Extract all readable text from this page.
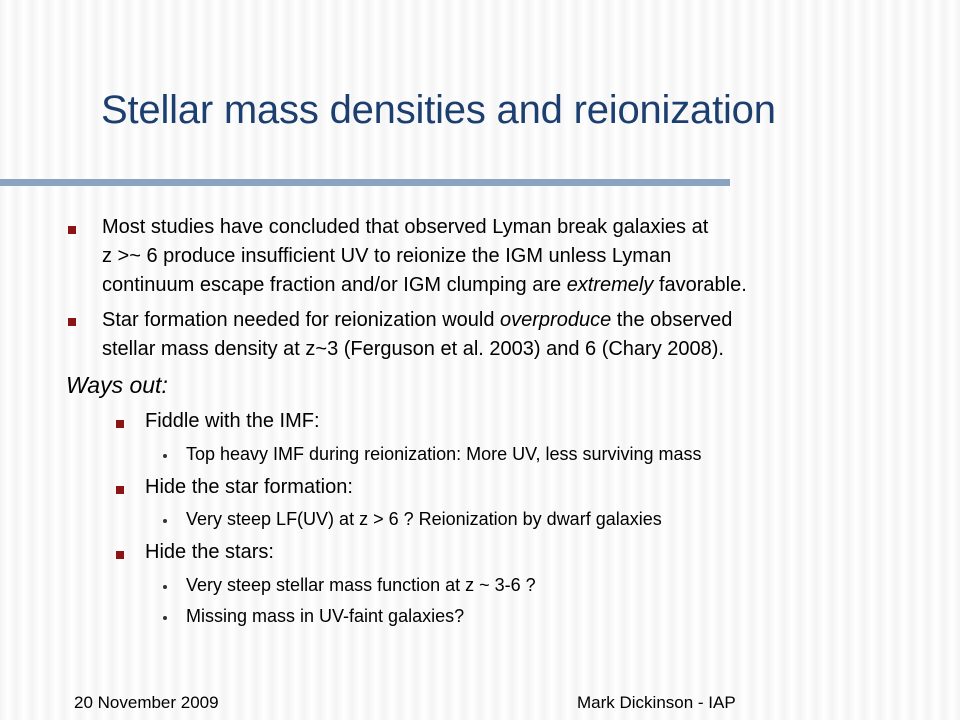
Stellar mass densities and reionization
Most studies have concluded that observed Lyman break galaxies at
z >~ 6 produce insufficient UV to reionize the IGM unless Lyman
continuum escape fraction and/or IGM clumping are extremely favorable.
Star formation needed for reionization would overproduce the observed
stellar mass density at z~3 (Ferguson et al. 2003) and 6 (Chary 2008).
Ways out:
Fiddle with the IMF:
Top heavy IMF during reionization: More UV, less surviving mass
Hide the star formation:
Very steep LF(UV) at z > 6 ? Reionization by dwarf galaxies
Hide the stars:
Very steep stellar mass function at z ~ 3-6 ?
Missing mass in UV-faint galaxies?
20 November 2009	Mark Dickinson - IAP
